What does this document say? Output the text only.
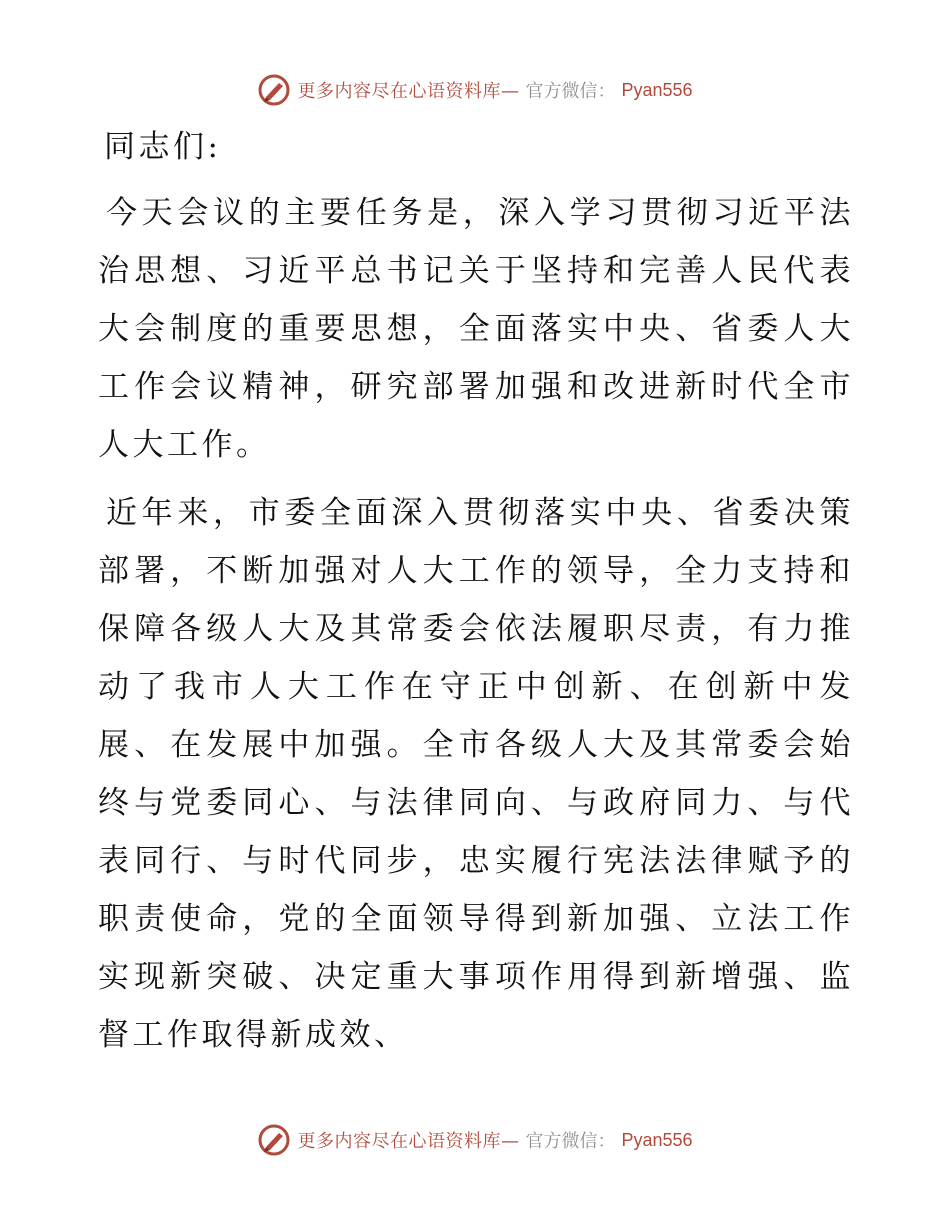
更多内容尽在心语资料库— 官方微信： Pyan556
同志们:

今天会议的主要任务是，深入学习贯彻习近平法治思想、习近平总书记关于坚持和完善人民代表大会制度的重要思想，全面落实中央、省委人大工作会议精神，研究部署加强和改进新时代全市人大工作。

近年来，市委全面深入贯彻落实中央、省委决策部署，不断加强对人大工作的领导，全力支持和保障各级人大及其常委会依法履职尽责，有力推动了我市人大工作在守正中创新、在创新中发展、在发展中加强。全市各级人大及其常委会始终与党委同心、与法律同向、与政府同力、与代表同行、与时代同步，忠实履行宪法法律赋予的职责使命，党的全面领导得到新加强、立法工作实现新突破、决定重大事项作用得到新增强、监督工作取得新成效、

更多内容尽在心语资料库— 官方微信： Pyan556
